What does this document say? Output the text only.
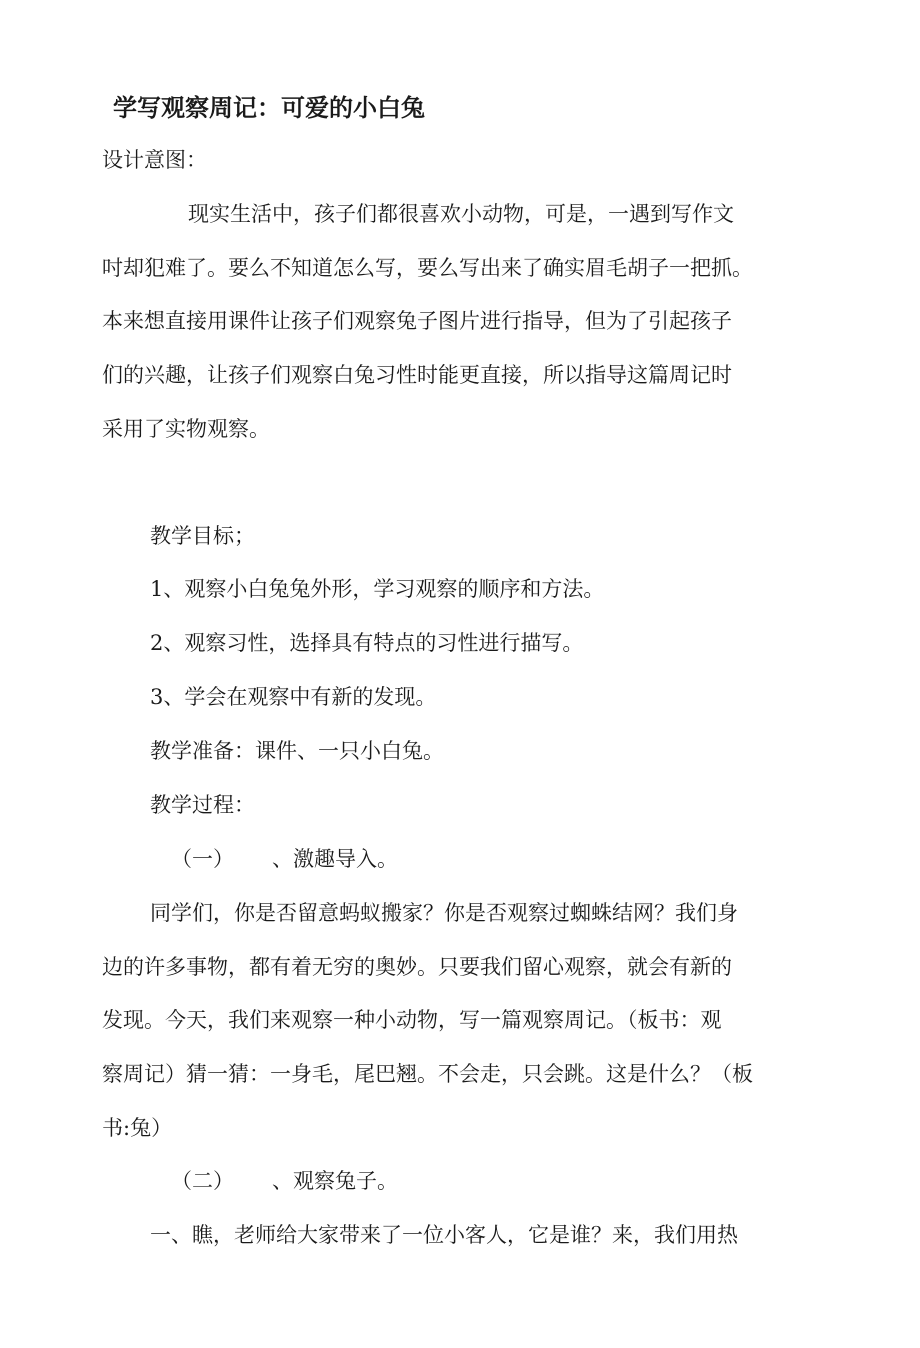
学写观察周记：可爱的小白兔
设计意图：
现实生活中，孩子们都很喜欢小动物，可是，一遇到写作文
吋却犯难了。要么不知道怎么写，要么写出来了确实眉毛胡子一把抓。
本来想直接用课件让孩子们观察兔子图片进行指导，但为了引起孩子
们的兴趣，让孩子们观察白兔习性时能更直接，所以指导这篇周记时
采用了实物观察。
教学目标；
1、观察小白兔兔外形，学习观察的顺序和方法。
2、观察习性，选择具有特点的习性进行描写。
3、学会在观察中有新的发现。
教学准备：课件、一只小白兔。
教学过程：
（一） 、激趣导入。
同学们，你是否留意蚂蚁搬家？你是否观察过蜘蛛结网？我们身
边的许多事物，都有着无穷的奥妙。只要我们留心观察，就会有新的
发现。今天，我们来观察一种小动物，写一篇观察周记。（板书：观
察周记）猜一猜：一身毛，尾巴翘。不会走，只会跳。这是什么？（板
书:兔）
（二） 、观察兔子。
一、瞧，老师给大家带来了一位小客人，它是谁？来，我们用热
